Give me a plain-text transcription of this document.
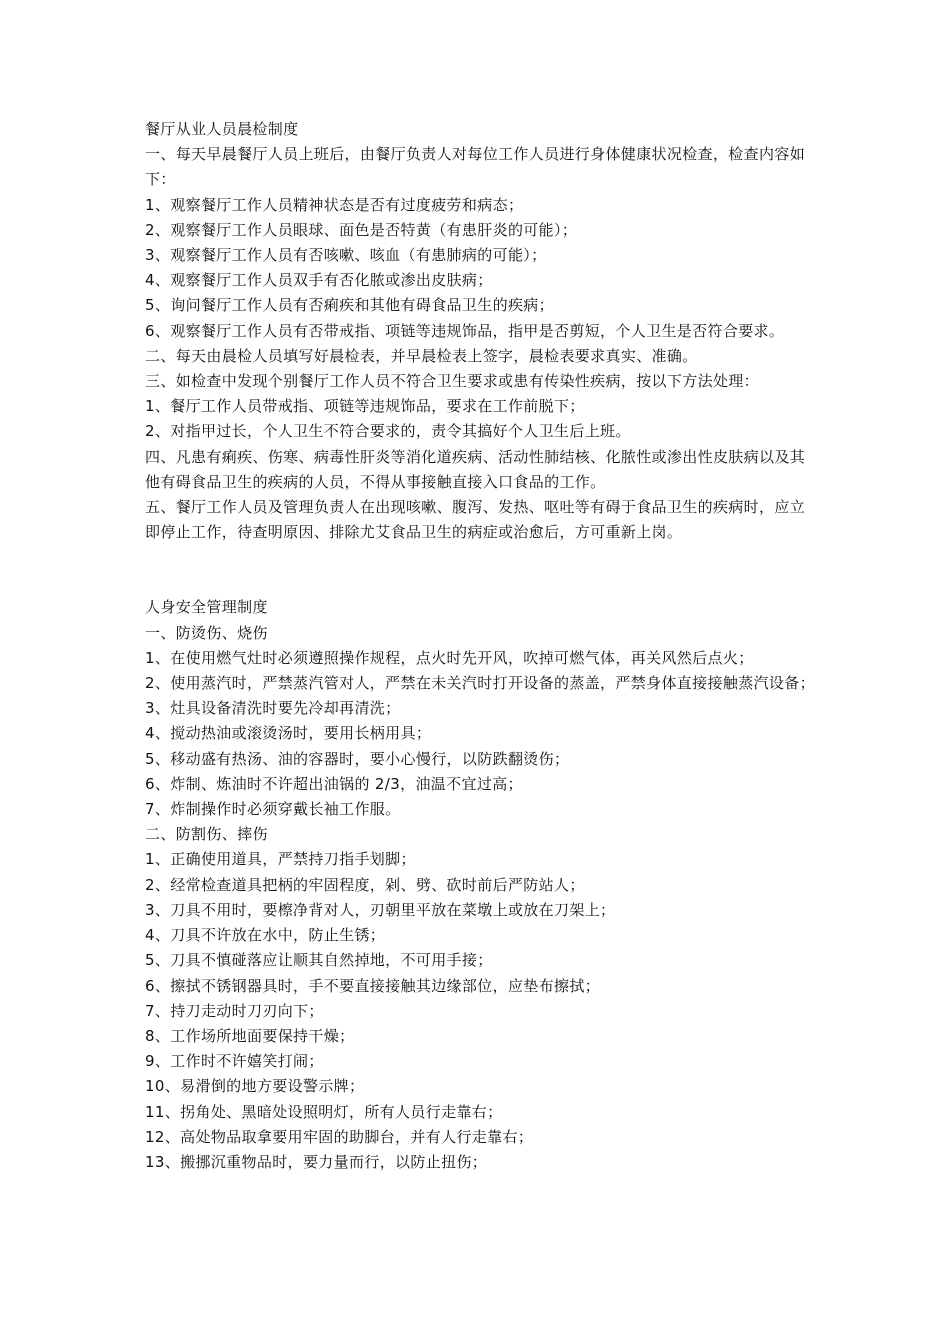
餐厅从业人员晨检制度

一、每天早晨餐厅人员上班后，由餐厅负责人对每位工作人员进行身体健康状况检查，检查内容如下：

1、观察餐厅工作人员精神状态是否有过度疲劳和病态；

2、观察餐厅工作人员眼球、面色是否特黄（有患肝炎的可能）；

3、观察餐厅工作人员有否咳嗽、咳血（有患肺病的可能）；

4、观察餐厅工作人员双手有否化脓或渗出皮肤病；

5、询问餐厅工作人员有否痢疾和其他有碍食品卫生的疾病；

6、观察餐厅工作人员有否带戒指、项链等违规饰品，指甲是否剪短，个人卫生是否符合要求。

二、每天由晨检人员填写好晨检表，并早晨检表上签字，晨检表要求真实、准确。

三、如检查中发现个别餐厅工作人员不符合卫生要求或患有传染性疾病，按以下方法处理：

1、餐厅工作人员带戒指、项链等违规饰品，要求在工作前脱下；

2、对指甲过长，个人卫生不符合要求的，责令其搞好个人卫生后上班。

四、凡患有痢疾、伤寒、病毒性肝炎等消化道疾病、活动性肺结核、化脓性或渗出性皮肤病以及其他有碍食品卫生的疾病的人员，不得从事接触直接入口食品的工作。

五、餐厅工作人员及管理负责人在出现咳嗽、腹泻、发热、呕吐等有碍于食品卫生的疾病时，应立即停止工作，待查明原因、排除尤艾食品卫生的病症或治愈后，方可重新上岗。

人身安全管理制度

一、防烫伤、烧伤

1、在使用燃气灶时必须遵照操作规程，点火时先开风，吹掉可燃气体，再关风然后点火；

2、使用蒸汽时，严禁蒸汽管对人，严禁在未关汽时打开设备的蒸盖，严禁身体直接接触蒸汽设备；

3、灶具设备清洗时要先冷却再清洗；

4、搅动热油或滚烫汤时，要用长柄用具；

5、移动盛有热汤、油的容器时，要小心慢行，以防跌翻烫伤；

6、炸制、炼油时不许超出油锅的 2/3，油温不宜过高；

7、炸制操作时必须穿戴长袖工作服。

二、防割伤、摔伤

1、正确使用道具，严禁持刀指手划脚；

2、经常检查道具把柄的牢固程度，剁、劈、砍时前后严防站人；

3、刀具不用时，要檫净背对人，刃朝里平放在菜墩上或放在刀架上；

4、刀具不许放在水中，防止生锈；

5、刀具不慎碰落应让顺其自然掉地，不可用手接；

6、擦拭不锈钢器具时，手不要直接接触其边缘部位，应垫布擦拭；

7、持刀走动时刀刃向下；

8、工作场所地面要保持干燥；

9、工作时不许嬉笑打闹；

10、易滑倒的地方要设警示牌；

11、拐角处、黑暗处设照明灯，所有人员行走靠右；

12、高处物品取拿要用牢固的助脚台，并有人行走靠右；

13、搬挪沉重物品时，要力量而行，以防止扭伤；
